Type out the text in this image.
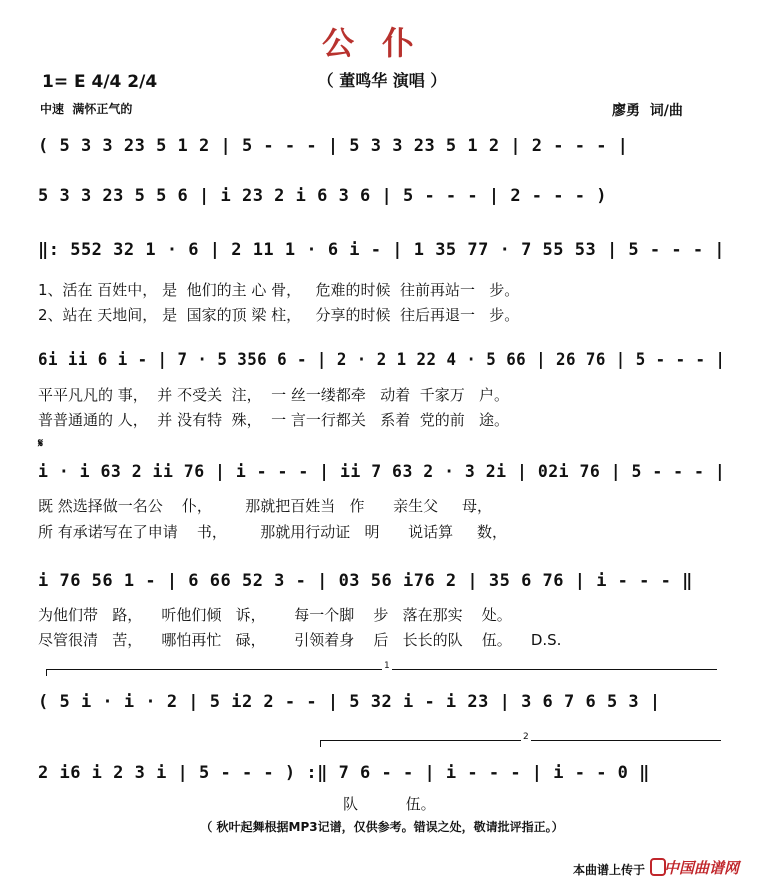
公仆
（ 董鸣华 演唱 ）
1= E 4/4 2/4
中速  满怀正气的	廖勇  词/曲
( 5 3 3 23 5 1 2 | 5 - - - | 5 3 3 23 5 1 2 | 2 - - - |
5 3 3 23 5 5 6 | i 23 2 i 6 3 6 | 5 - - - | 2 - - - )
‖: 552 32 1 · 6 | 2 11 1 · 6 i - | 1 35 77 · 7 55 53 | 5 - - - |
1、活在 百姓中， 是  他们的主 心 骨，   危难的时候  往前再站一   步。
2、站在 天地间， 是  国家的顶 梁 柱，   分享的时候  往后再退一   步。
6i ii 6 i - | 7 · 5 356 6 - | 2 · 2 1 22 4 · 5 66 | 26 76 | 5 - - - |
平平凡凡的 事，  并 不受关  注，  一 丝一缕都牵   动着  千家万   户。
普普通通的 人，  并 没有特  殊，  一 言一行都关   系着  党的前   途。
𝄋
i · i 63 2 ii 76 | i - - - | ii 7 63 2 · 3 2i | 02i 76 | 5 - - - |
既 然选择做一名公    仆，       那就把百姓当   作      亲生父     母，
所 有承诺写在了申请    书，       那就用行动证   明      说话算     数，
i 76 56 1 - | 6 66 52 3 - | 03 56 i76 2 | 35 6 76 | i - - - ‖
为他们带   路，    听他们倾   诉，      每一个脚    步   落在那实    处。
尽管很清   苦，    哪怕再忙   碌，      引领着身    后   长长的队    伍。    D.S.
1
( 5 i · i · 2 | 5 i2 2 - - | 5 32 i - i 23 | 3 6 7 6 5 3 |
2
2 i6 i 2 3 i | 5 - - - ) :‖ 7 6 - - | i - - - | i - - 0 ‖
队          伍。
（ 秋叶起舞根据MP3记谱，仅供参考。错误之处，敬请批评指正。）
本曲谱上传于 中国曲谱网
